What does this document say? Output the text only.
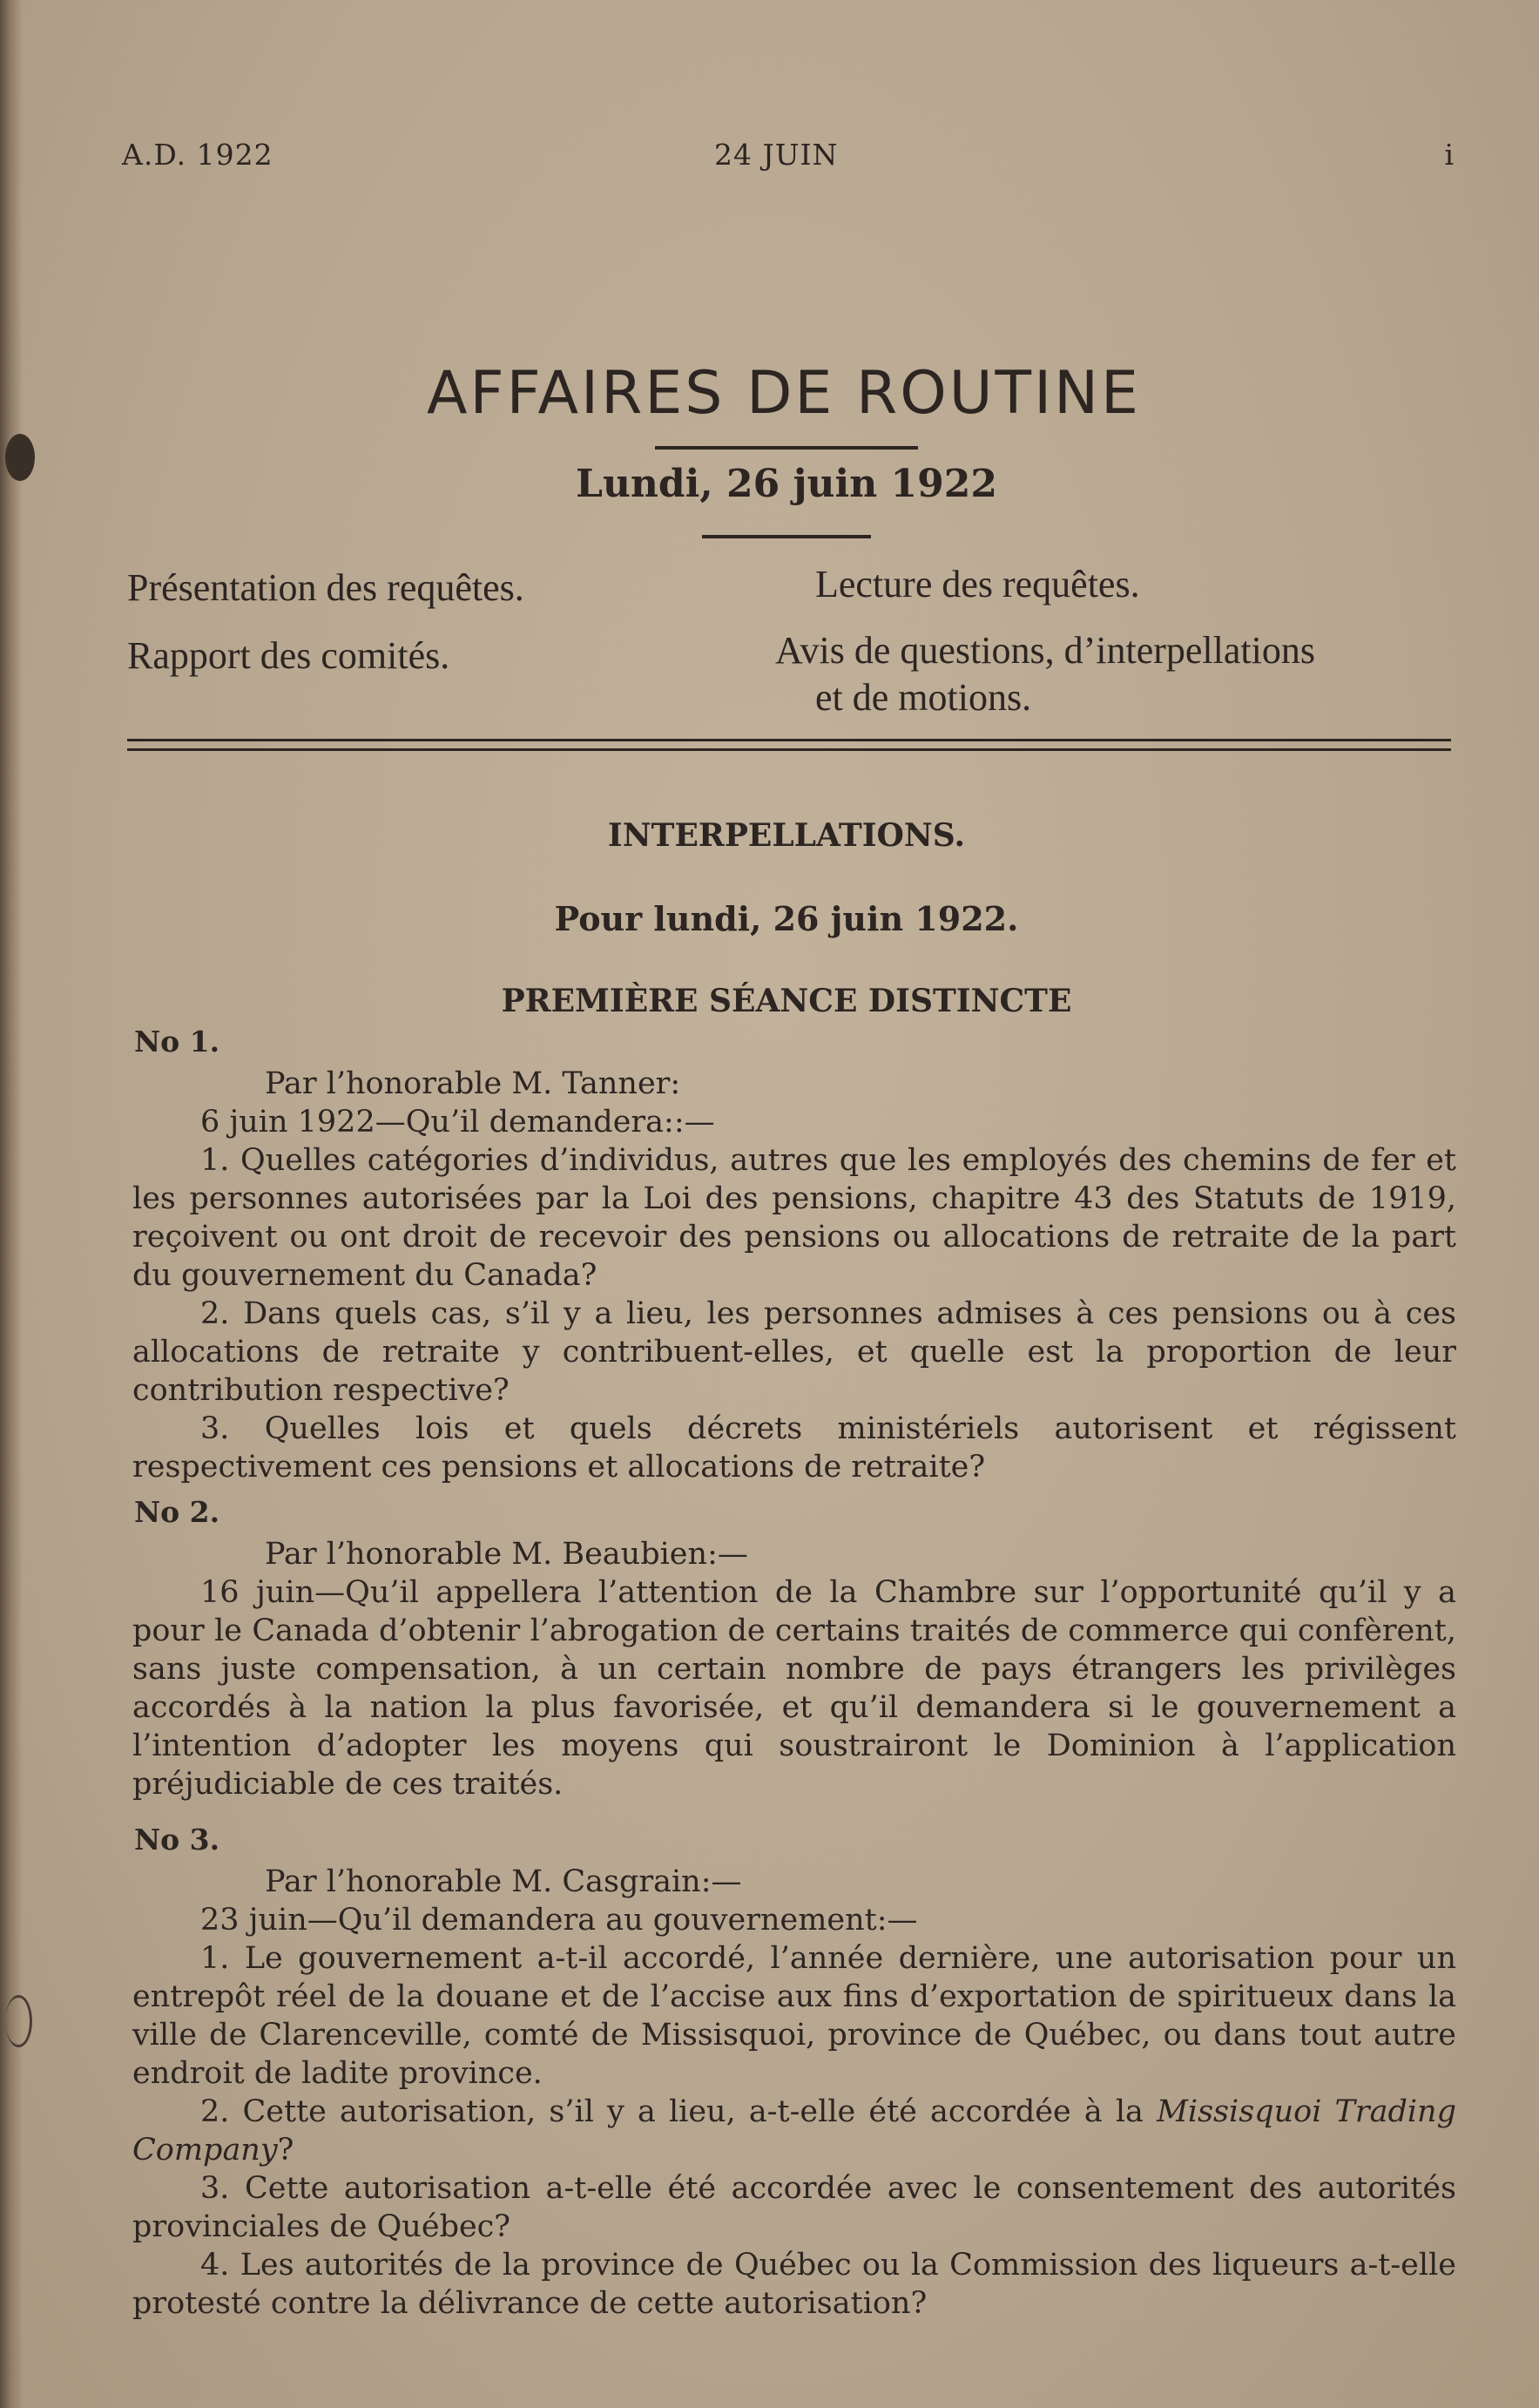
A.D. 1922	24 JUIN	i
AFFAIRES DE ROUTINE
Lundi, 26 juin 1922
Présentation des requêtes.
Rapport des comités.
Lecture des requêtes.
Avis de questions, d’interpellations
et de motions.
INTERPELLATIONS.
Pour lundi, 26 juin 1922.
PREMIÈRE SÉANCE DISTINCTE
No 1.

Par l’honorable M. Tanner:

6 juin 1922—Qu’il demandera::—

1. Quelles catégories d’individus, autres que les employés des chemins de fer et les personnes autorisées par la Loi des pensions, chapitre 43 des Statuts de 1919, reçoivent ou ont droit de recevoir des pensions ou allocations de retraite de la part du gouvernement du Canada?

2. Dans quels cas, s’il y a lieu, les personnes admises à ces pensions ou à ces allocations de retraite y contribuent-elles, et quelle est la proportion de leur contribution respective?

3. Quelles lois et quels décrets ministériels autorisent et régissent respectivement ces pensions et allocations de retraite?

No 2.

Par l’honorable M. Beaubien:—

16 juin—Qu’il appellera l’attention de la Chambre sur l’opportunité qu’il y a pour le Canada d’obtenir l’abrogation de certains traités de commerce qui confèrent, sans juste compensation, à un certain nombre de pays étrangers les privilèges accordés à la nation la plus favorisée, et qu’il demandera si le gouvernement a l’intention d’adopter les moyens qui soustrairont le Dominion à l’application préjudiciable de ces traités.

No 3.

Par l’honorable M. Casgrain:—

23 juin—Qu’il demandera au gouvernement:—

1. Le gouvernement a-t-il accordé, l’année dernière, une autorisation pour un entrepôt réel de la douane et de l’accise aux fins d’exportation de spiritueux dans la ville de Clarenceville, comté de Missisquoi, province de Québec, ou dans tout autre endroit de ladite province.

2. Cette autorisation, s’il y a lieu, a-t-elle été accordée à la Missisquoi Trading Company?

3. Cette autorisation a-t-elle été accordée avec le consentement des autorités provinciales de Québec?

4. Les autorités de la province de Québec ou la Commission des liqueurs a-t-elle protesté contre la délivrance de cette autorisation?
